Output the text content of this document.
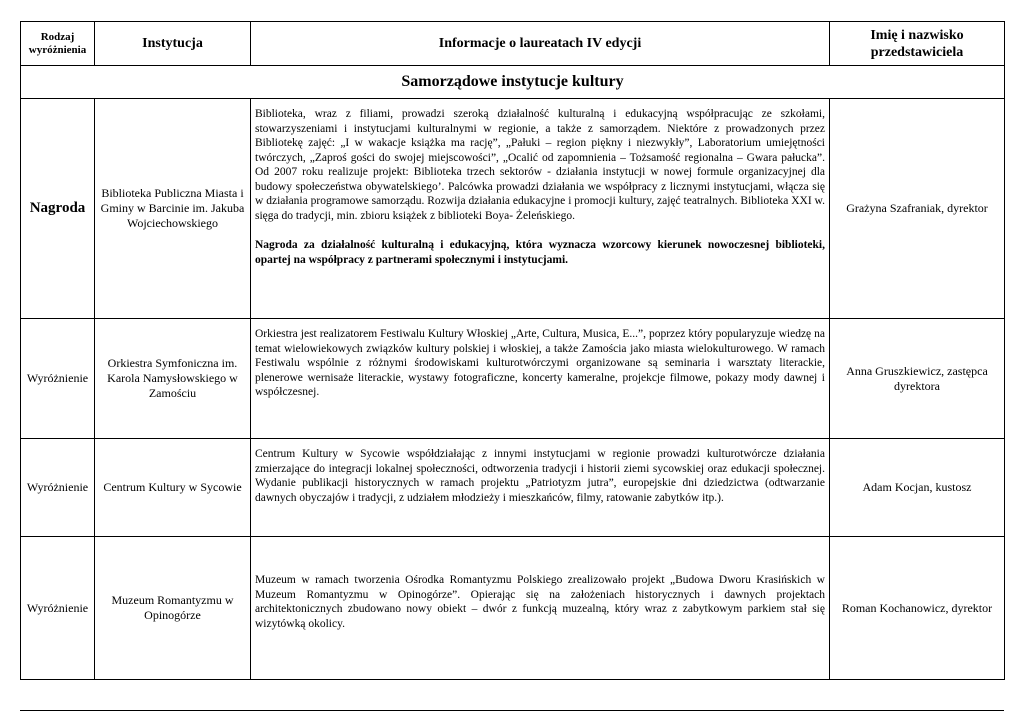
Rodzaj wyróżnienia	Instytucja	Informacje o laureatach IV edycji	Imię i nazwisko przedstawiciela
Samorządowe instytucje kultury			
Nagroda	Biblioteka Publiczna Miasta i Gminy w Barcinie im. Jakuba Wojciechowskiego	Biblioteka, wraz z filiami, prowadzi szeroką działalność kulturalną i edukacyjną współpracując ze szkołami, stowarzyszeniami i instytucjami kulturalnymi w regionie, a także z samorządem. Niektóre z prowadzonych przez Bibliotekę zajęć: „I w wakacje książka ma rację”, „Pałuki – region piękny i niezwykły”, Laboratorium umiejętności twórczych, „Zaproś gości do swojej miejscowości”, „Ocalić od zapomnienia – Tożsamość regionalna – Gwara pałucka”. Od 2007 roku realizuje projekt: Biblioteka trzech sektorów - działania instytucji w nowej formule organizacyjnej dla budowy społeczeństwa obywatelskiego’. Palcówka prowadzi działania we współpracy z licznymi instytucjami, włącza się w działania programowe samorządu. Rozwija działania edukacyjne i promocji kultury, zajęć teatralnych. Biblioteka XXI w. sięga do tradycji, min. zbioru książek z biblioteki Boya- Żeleńskiego.

Nagroda za działalność kulturalną i edukacyjną, która wyznacza wzorcowy kierunek nowoczesnej biblioteki, opartej na współpracy z partnerami społecznymi i instytucjami.	Grażyna Szafraniak, dyrektor
Wyróżnienie	Orkiestra Symfoniczna im. Karola Namysłowskiego w Zamościu	Orkiestra jest realizatorem Festiwalu Kultury Włoskiej „Arte, Cultura, Musica, E...”, poprzez który popularyzuje wiedzę na temat wielowiekowych związków kultury polskiej i włoskiej, a także Zamościa jako miasta wielokulturowego. W ramach Festiwalu wspólnie z różnymi środowiskami kulturotwórczymi organizowane są seminaria i warsztaty literackie, plenerowe wernisaże literackie, wystawy fotograficzne, koncerty kameralne, projekcje filmowe, pokazy mody dawnej i współczesnej.	Anna Gruszkiewicz, zastępca dyrektora
Wyróżnienie	Centrum Kultury w Sycowie	Centrum Kultury w Sycowie współdziałając z innymi instytucjami w regionie prowadzi kulturotwórcze działania zmierzające do integracji lokalnej społeczności, odtworzenia tradycji i historii ziemi sycowskiej oraz edukacji społecznej. Wydanie publikacji historycznych w ramach projektu „Patriotyzm jutra”, europejskie dni dziedzictwa (odtwarzanie dawnych obyczajów i tradycji, z udziałem młodzieży i mieszkańców, filmy, ratowanie zabytków itp.).	Adam Kocjan, kustosz
Wyróżnienie	Muzeum Romantyzmu w Opinogórze	Muzeum w ramach tworzenia Ośrodka Romantyzmu Polskiego zrealizowało projekt „Budowa Dworu Krasińskich w Muzeum Romantyzmu w Opinogórze”. Opierając się na założeniach historycznych i dawnych projektach architektonicznych zbudowano nowy obiekt – dwór z funkcją muzealną, który wraz z zabytkowym parkiem stał się wizytówką okolicy.	Roman Kochanowicz, dyrektor
